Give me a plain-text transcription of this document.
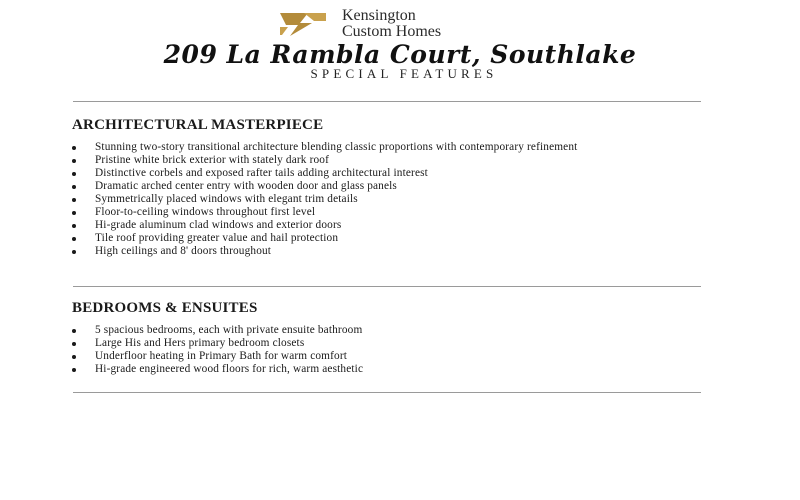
Kensington
Custom Homes
209 La Rambla Court, Southlake
SPECIAL FEATURES
ARCHITECTURAL MASTERPIECE
Stunning two-story transitional architecture blending classic proportions with contemporary refinement
Pristine white brick exterior with stately dark roof
Distinctive corbels and exposed rafter tails adding architectural interest
Dramatic arched center entry with wooden door and glass panels
Symmetrically placed windows with elegant trim details
Floor-to-ceiling windows throughout first level
Hi-grade aluminum clad windows and exterior doors
Tile roof providing greater value and hail protection
High ceilings and 8' doors throughout
BEDROOMS & ENSUITES
5 spacious bedrooms, each with private ensuite bathroom
Large His and Hers primary bedroom closets
Underfloor heating in Primary Bath for warm comfort
Hi-grade engineered wood floors for rich, warm aesthetic
